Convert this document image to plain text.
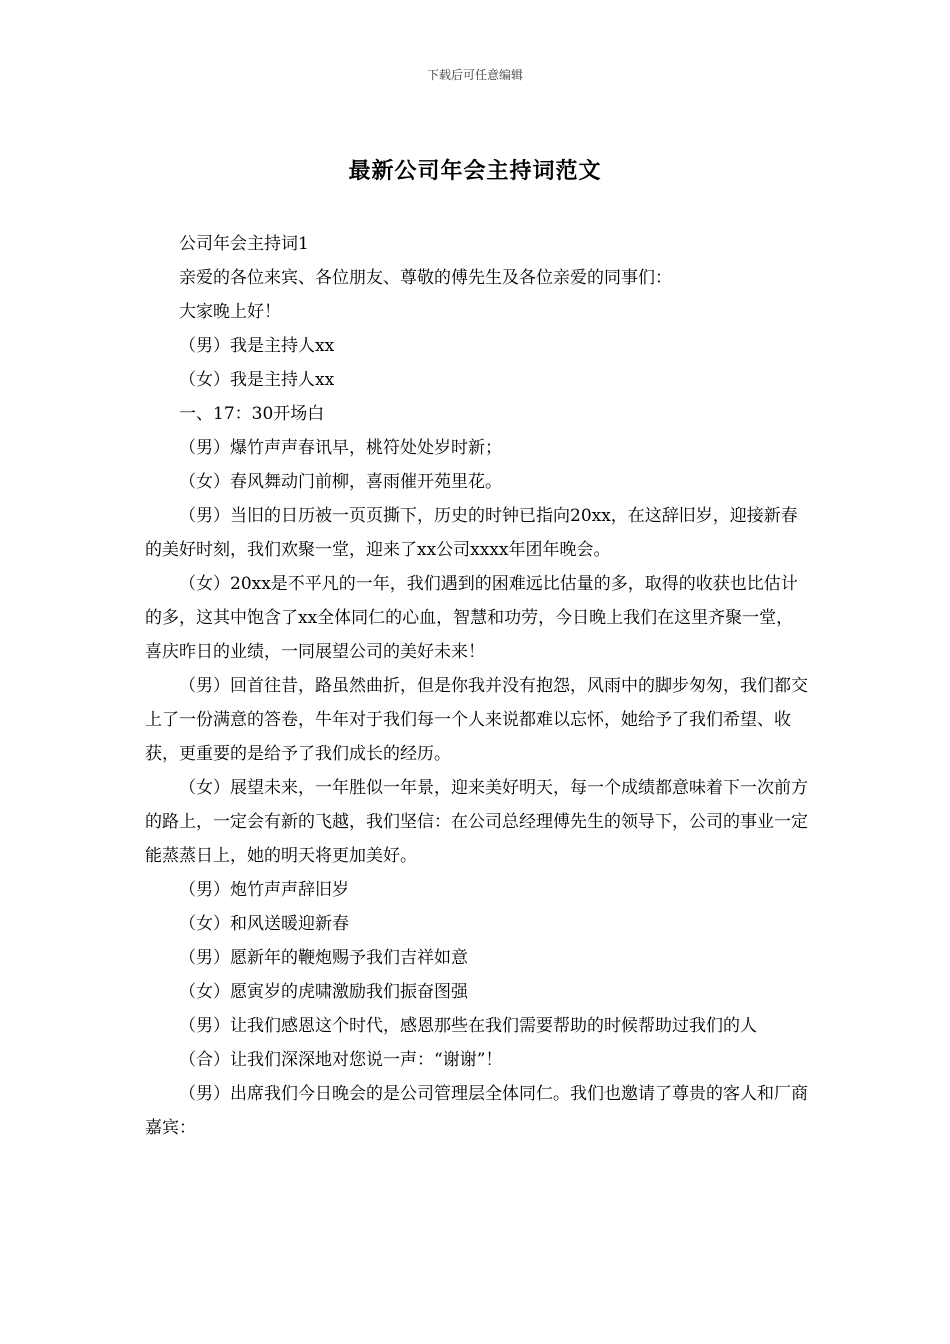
下载后可任意编辑
最新公司年会主持词范文

公司年会主持词1

亲爱的各位来宾、各位朋友、尊敬的傅先生及各位亲爱的同事们：

大家晚上好！

（男）我是主持人xx

（女）我是主持人xx

一、17：30开场白

（男）爆竹声声春讯早，桃符处处岁时新；

（女）春风舞动门前柳，喜雨催开苑里花。

（男）当旧的日历被一页页撕下，历史的时钟已指向20xx，在这辞旧岁，迎接新春的美好时刻，我们欢聚一堂，迎来了xx公司xxxx年团年晚会。

（女）20xx是不平凡的一年，我们遇到的困难远比估量的多，取得的收获也比估计的多，这其中饱含了xx全体同仁的心血，智慧和功劳，今日晚上我们在这里齐聚一堂，喜庆昨日的业绩，一同展望公司的美好未来！

（男）回首往昔，路虽然曲折，但是你我并没有抱怨，风雨中的脚步匆匆，我们都交上了一份满意的答卷，牛年对于我们每一个人来说都难以忘怀，她给予了我们希望、收获，更重要的是给予了我们成长的经历。

（女）展望未来，一年胜似一年景，迎来美好明天，每一个成绩都意味着下一次前方的路上，一定会有新的飞越，我们坚信：在公司总经理傅先生的领导下，公司的事业一定能蒸蒸日上，她的明天将更加美好。

（男）炮竹声声辞旧岁

（女）和风送暖迎新春

（男）愿新年的鞭炮赐予我们吉祥如意

（女）愿寅岁的虎啸激励我们振奋图强

（男）让我们感恩这个时代，感恩那些在我们需要帮助的时候帮助过我们的人

（合）让我们深深地对您说一声：“谢谢”！

（男）出席我们今日晚会的是公司管理层全体同仁。我们也邀请了尊贵的客人和厂商嘉宾：
